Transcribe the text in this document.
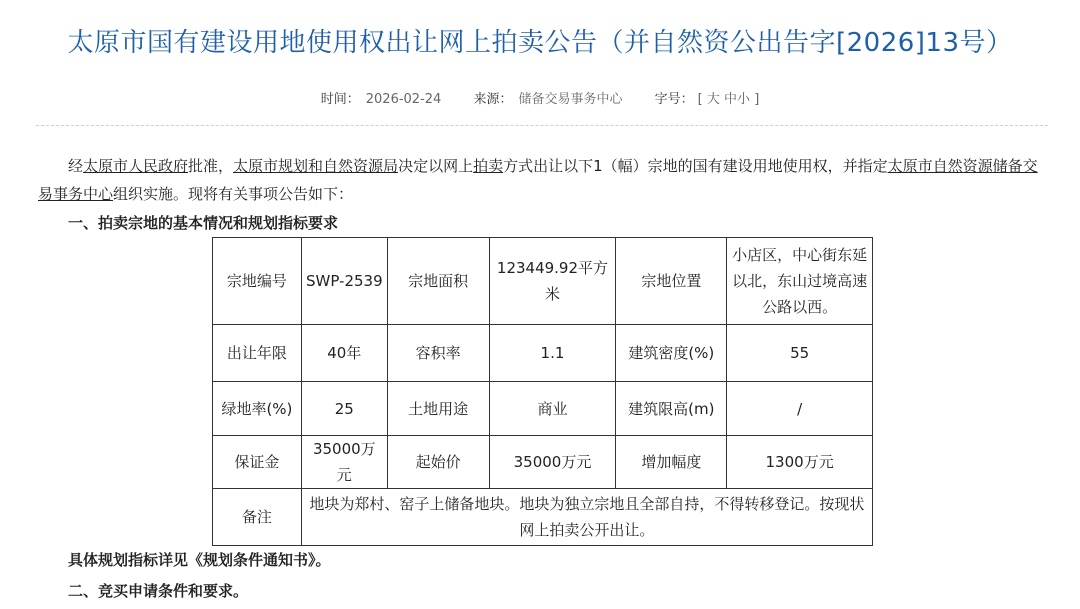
太原市国有建设用地使用权出让网上拍卖公告（并自然资公出告字[2026]13号）
时间： 2026-02-24 来源： 储备交易事务中心 字号： [ 大 中小 ]
经太原市人民政府批准，太原市规划和自然资源局决定以网上拍卖方式出让以下1（幅）宗地的国有建设用地使用权，并指定太原市自然资源储备交易事务中心组织实施。现将有关事项公告如下：
一、拍卖宗地的基本情况和规划指标要求
宗地编号	SWP-2539	宗地面积	123449.92平方米	宗地位置	小店区，中心街东延以北，东山过境高速公路以西。
出让年限	40年	容积率	1.1	建筑密度(%)	55
绿地率(%)	25	土地用途	商业	建筑限高(m)	/
保证金	35000万元	起始价	35000万元	增加幅度	1300万元
备注	地块为郑村、窑子上储备地块。地块为独立宗地且全部自持，不得转移登记。按现状网上拍卖公开出让。				
具体规划指标详见《规划条件通知书》。
二、竞买申请条件和要求。
